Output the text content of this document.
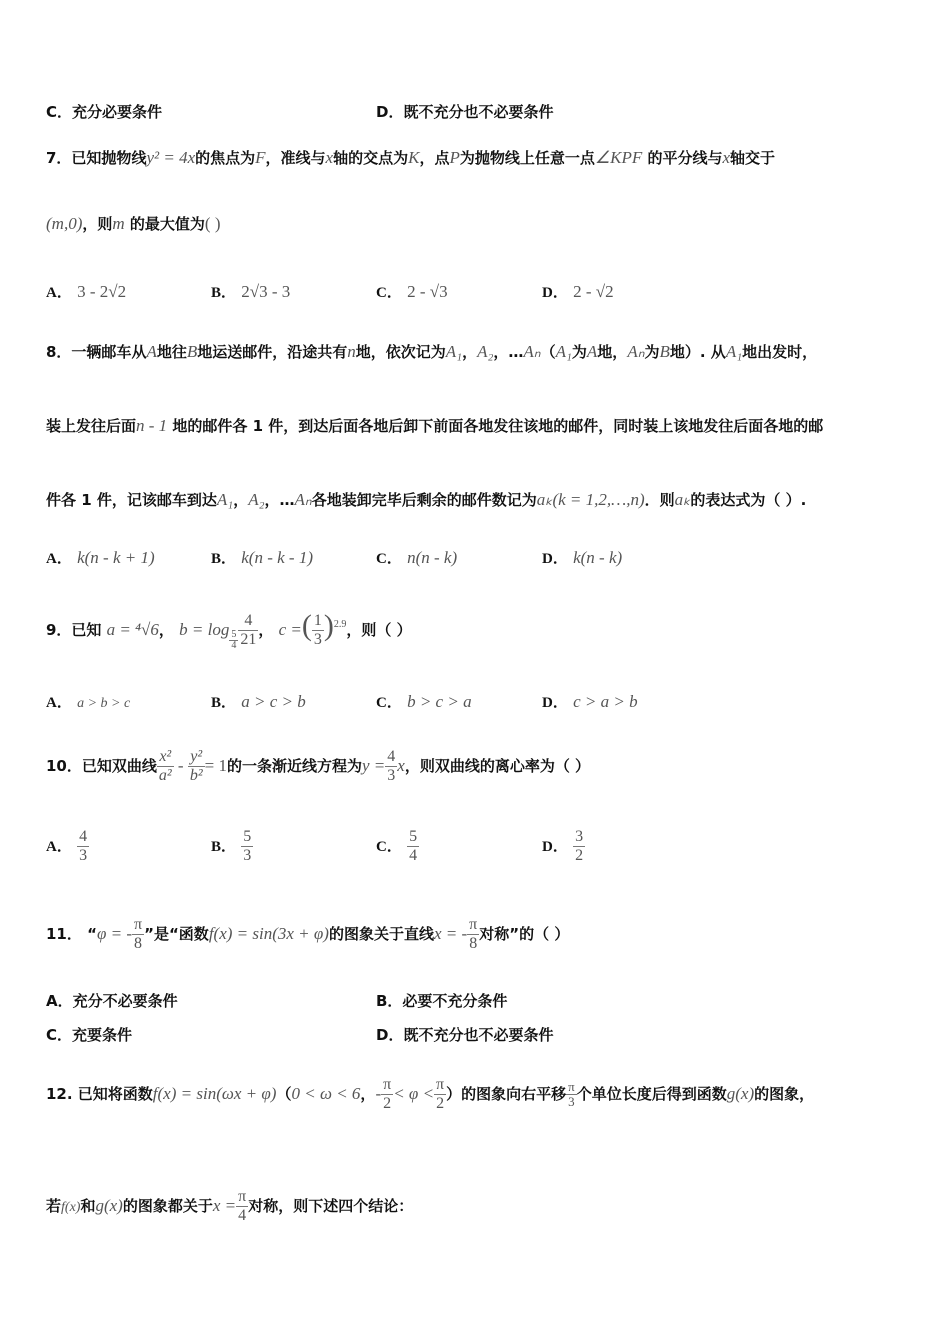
C．充分必要条件	D．既不充分也不必要条件
7．已知抛物线y² = 4x的焦点为F，准线与x轴的交点为K，点P为抛物线上任意一点∠KPF 的平分线与x轴交于
(m,0)，则m 的最大值为( )
A． 3 - 2√2	B． 2√3 - 3	C． 2 - √3	D． 2 - √2
8．一辆邮车从A地往B地运送邮件，沿途共有n地，依次记为A₁，A₂，…Aₙ（A₁为A地，Aₙ为B地）. 从A₁地出发时，
装上发往后面n - 1 地的邮件各 1 件，到达后面各地后卸下前面各地发往该地的邮件，同时装上该地发往后面各地的邮
件各 1 件，记该邮车到达A₁，A₂，…Aₙ各地装卸完毕后剩余的邮件数记为aₖ(k = 1,2,…,n)．则aₖ的表达式为（ ）.
A． k(n - k + 1)	B． k(n - k - 1)	C． n(n - k)	D． k(n - k)
9．已知 a = ⁴√6， b = log
$\frac{5}{4} \frac{4}{21}$ ， c =( $\frac{1}{3} )^{2.9}$，则（ ）
A． a > b > c	B． a > c > b	C． b > c > a	D． c > a > b
10．已知双曲线 $\frac{\text{x²}}{\text{a²}} - \frac{\text{y²}}{\text{b²}} = 1$的一条渐近线方程为$y = \frac{4}{3}$ x，则双曲线的离心率为（ ）
A． $\frac{4}{3}$	B． $\frac{5}{3}$	C． $\frac{5}{4}$	D． $\frac{3}{2}$
11． “φ = - $\frac{\pi}{8}$ ”是“函数f(x) = sin(3x + φ)的图象关于直线x = - $\frac{\pi}{8}$ 对称”的（ ）
A．充分不必要条件	B．必要不充分条件
C．充要条件	D．既不充分也不必要条件
12. 已知将函数f(x) = sin(ωx + φ)（0 < ω < 6，- $\frac{\pi}{2} < \varphi < \frac{\pi}{2}$ ）的图象向右平移 $\frac{\pi}{3}$ 个单位长度后得到函数g(x)的图象，
若f(x)和g(x)的图象都关于$x = \frac{\pi}{4}$ 对称，则下述四个结论：
